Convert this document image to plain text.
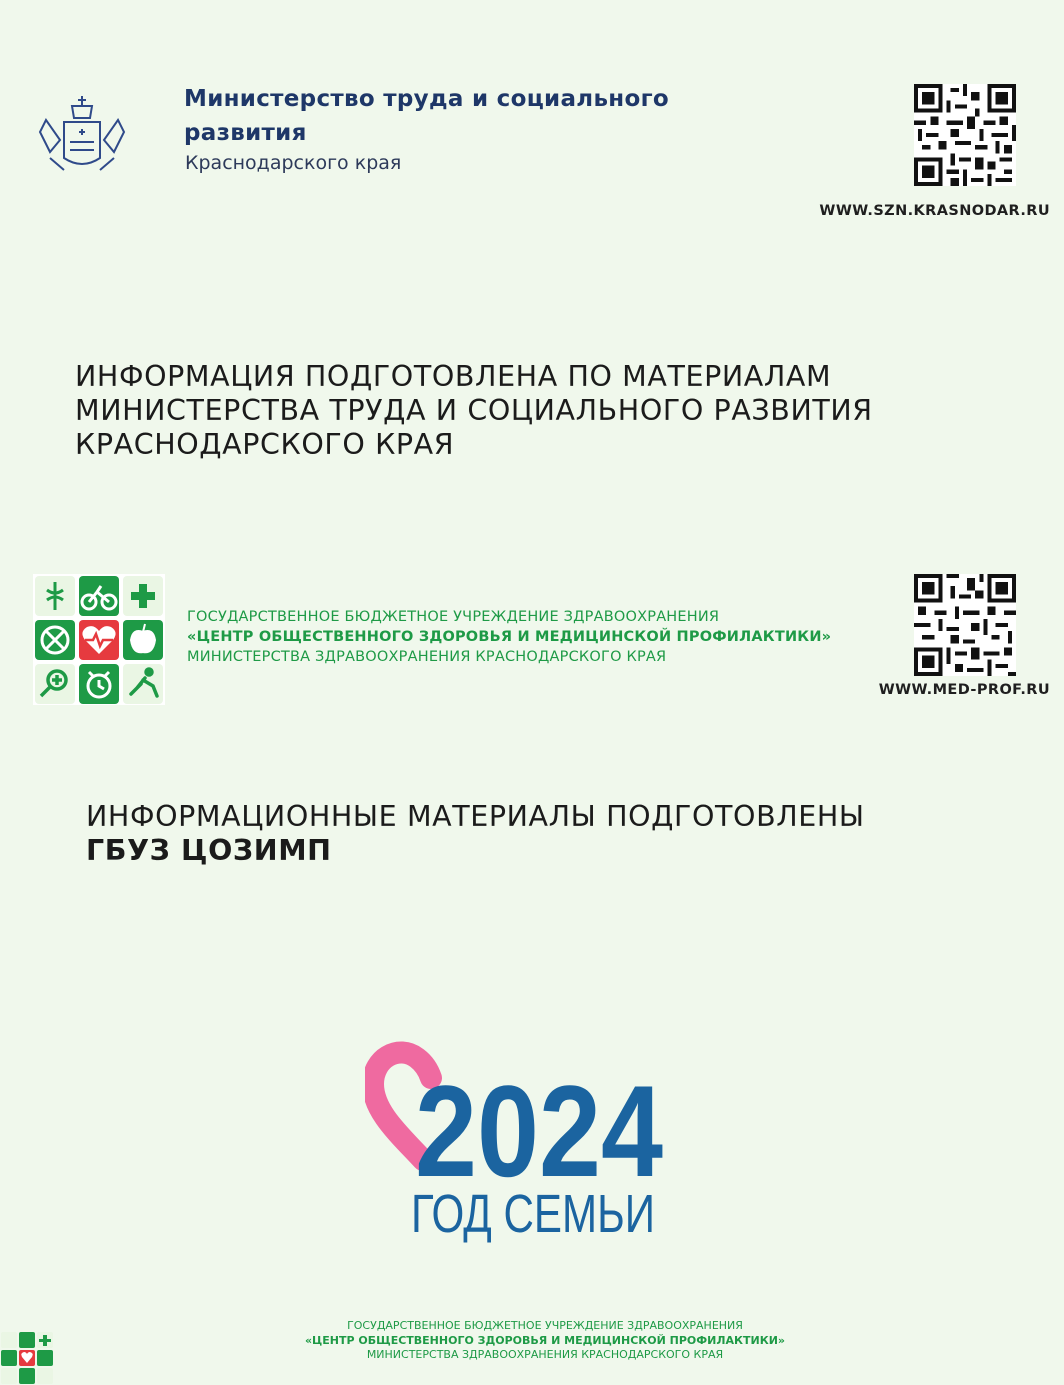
Министерство труда и социального
развития
Краснодарского края
WWW.SZN.KRASNODAR.RU
ИНФОРМАЦИЯ ПОДГОТОВЛЕНА ПО МАТЕРИАЛАМ
МИНИСТЕРСТВА ТРУДА И СОЦИАЛЬНОГО РАЗВИТИЯ
КРАСНОДАРСКОГО КРАЯ
ГОСУДАРСТВЕННОЕ БЮДЖЕТНОЕ УЧРЕЖДЕНИЕ ЗДРАВООХРАНЕНИЯ
«ЦЕНТР ОБЩЕСТВЕННОГО ЗДОРОВЬЯ И МЕДИЦИНСКОЙ ПРОФИЛАКТИКИ»
МИНИСТЕРСТВА ЗДРАВООХРАНЕНИЯ КРАСНОДАРСКОГО КРАЯ
WWW.MED-PROF.RU
ИНФОРМАЦИОННЫЕ МАТЕРИАЛЫ ПОДГОТОВЛЕНЫ
ГБУЗ ЦОЗИМП
2024
ГОД СЕМЬИ
ГОСУДАРСТВЕННОЕ БЮДЖЕТНОЕ УЧРЕЖДЕНИЕ ЗДРАВООХРАНЕНИЯ
«ЦЕНТР ОБЩЕСТВЕННОГО ЗДОРОВЬЯ И МЕДИЦИНСКОЙ ПРОФИЛАКТИКИ»
МИНИСТЕРСТВА ЗДРАВООХРАНЕНИЯ КРАСНОДАРСКОГО КРАЯ
